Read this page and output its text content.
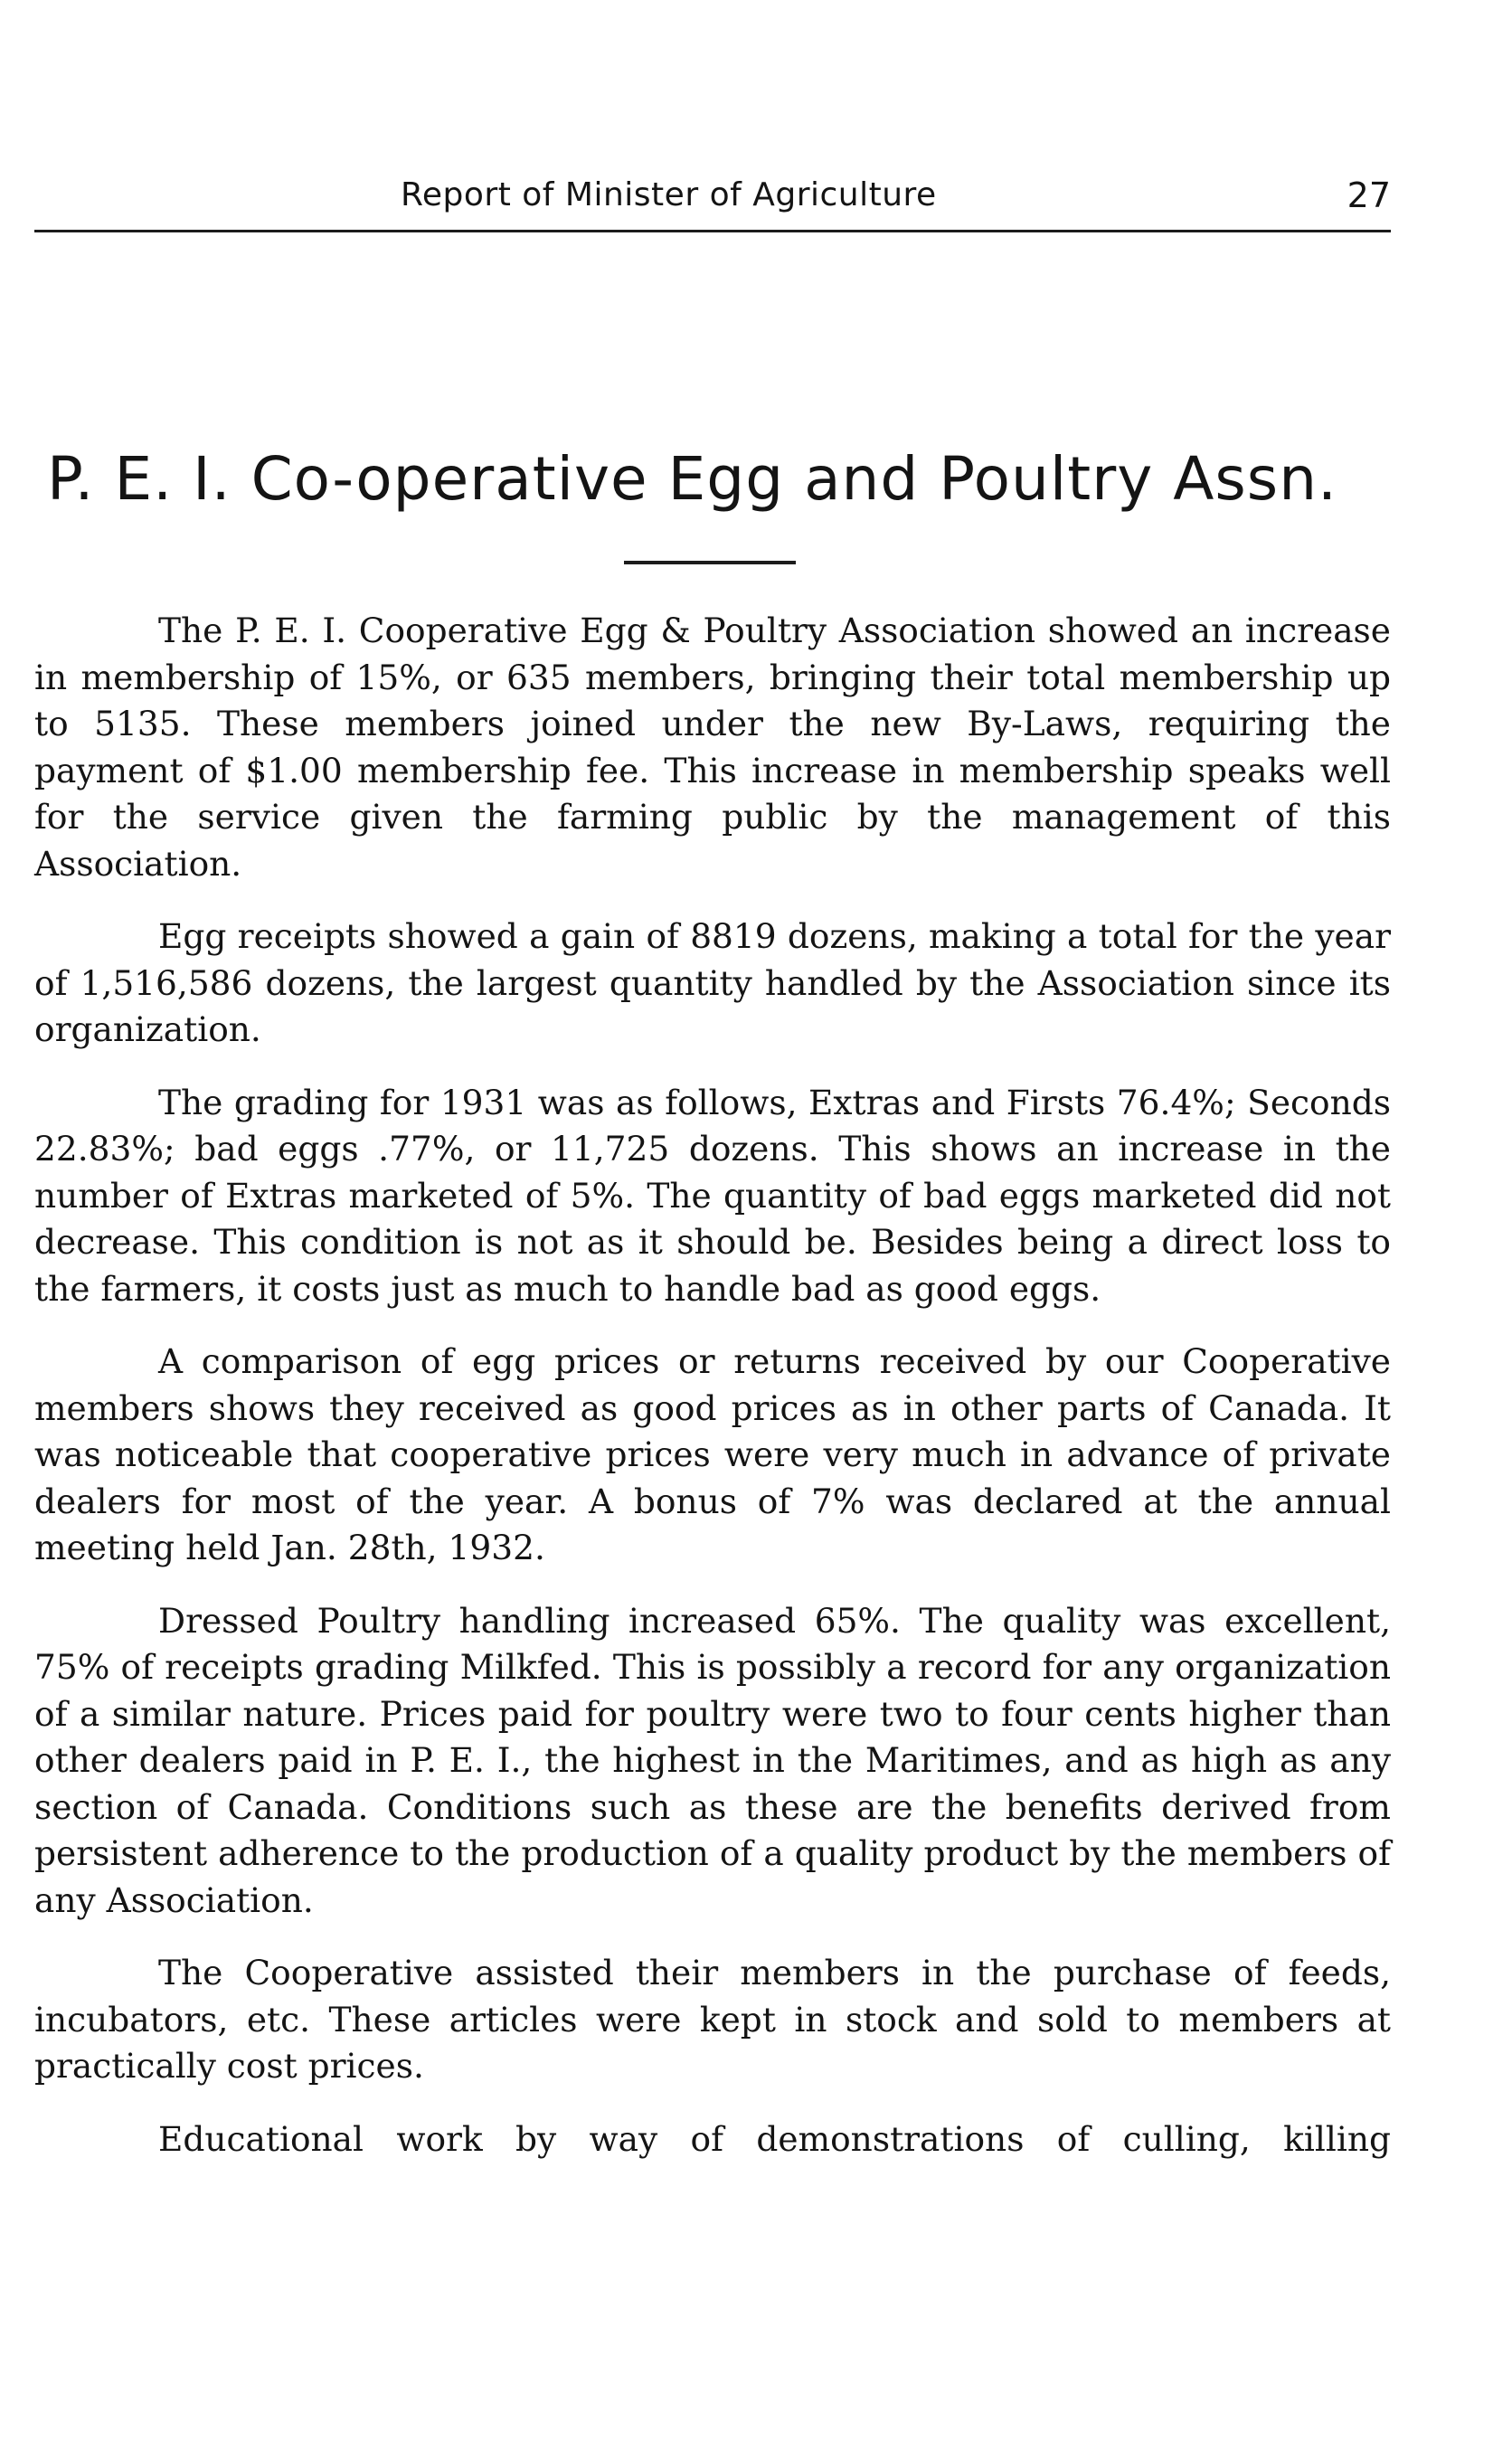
Report of Minister of Agriculture	27
P. E. I. Co-operative Egg and Poultry Assn.

The P. E. I. Cooperative Egg & Poultry Association showed an increase in membership of 15%, or 635 members, bringing their total membership up to 5135. These members joined under the new By-Laws, requiring the payment of $1.00 membership fee. This increase in membership speaks well for the service given the farming public by the management of this Association.

Egg receipts showed a gain of 8819 dozens, making a total for the year of 1,516,586 dozens, the largest quantity handled by the Association since its organization.

The grading for 1931 was as follows, Extras and Firsts 76.4%; Seconds 22.83%; bad eggs .77%, or 11,725 dozens. This shows an increase in the number of Extras marketed of 5%. The quantity of bad eggs marketed did not decrease. This condition is not as it should be. Besides being a direct loss to the farmers, it costs just as much to handle bad as good eggs.

A comparison of egg prices or returns received by our Cooperative members shows they received as good prices as in other parts of Canada. It was noticeable that cooperative prices were very much in advance of private dealers for most of the year. A bonus of 7% was declared at the annual meeting held Jan. 28th, 1932.

Dressed Poultry handling increased 65%. The quality was excellent, 75% of receipts grading Milkfed. This is possibly a record for any organization of a similar nature. Prices paid for poultry were two to four cents higher than other dealers paid in P. E. I., the highest in the Maritimes, and as high as any section of Canada. Conditions such as these are the benefits derived from persistent adherence to the production of a quality product by the members of any Association.

The Cooperative assisted their members in the purchase of feeds, incubators, etc. These articles were kept in stock and sold to members at practically cost prices.

Educational work by way of demonstrations of culling, killing
